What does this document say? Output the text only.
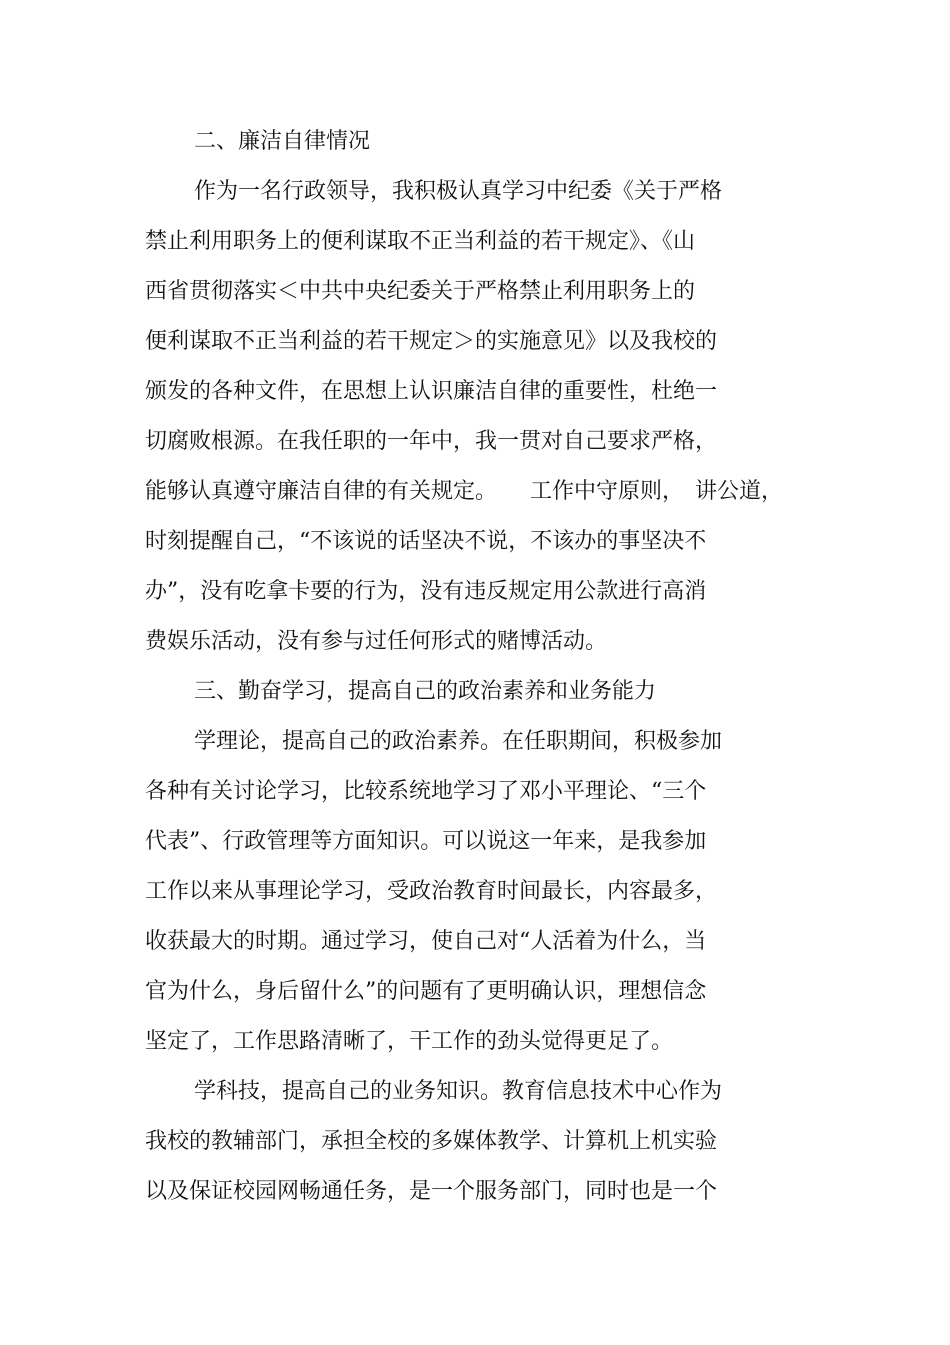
二、廉洁自律情况

作为一名行政领导，我积极认真学习中纪委《关于严格

禁止利用职务上的便利谋取不正当利益的若干规定》、《山

西省贯彻落实＜中共中央纪委关于严格禁止利用职务上的

便利谋取不正当利益的若干规定＞的实施意见》以及我校的

颁发的各种文件，在思想上认识廉洁自律的重要性，杜绝一

切腐败根源。在我任职的一年中，我一贯对自己要求严格，

能够认真遵守廉洁自律的有关规定。　　工作中守原则，　讲公道，

时刻提醒自己，“不该说的话坚决不说，不该办的事坚决不

办”，没有吃拿卡要的行为，没有违反规定用公款进行高消

费娱乐活动，没有参与过任何形式的赌博活动。

三、勤奋学习，提高自己的政治素养和业务能力

学理论，提高自己的政治素养。在任职期间，积极参加

各种有关讨论学习，比较系统地学习了邓小平理论、“三个

代表”、行政管理等方面知识。可以说这一年来，是我参加

工作以来从事理论学习，受政治教育时间最长，内容最多，

收获最大的时期。通过学习，使自己对“人活着为什么，当

官为什么，身后留什么”的问题有了更明确认识，理想信念

坚定了，工作思路清晰了，干工作的劲头觉得更足了。

学科技，提高自己的业务知识。教育信息技术中心作为

我校的教辅部门，承担全校的多媒体教学、计算机上机实验

以及保证校园网畅通任务，是一个服务部门，同时也是一个
